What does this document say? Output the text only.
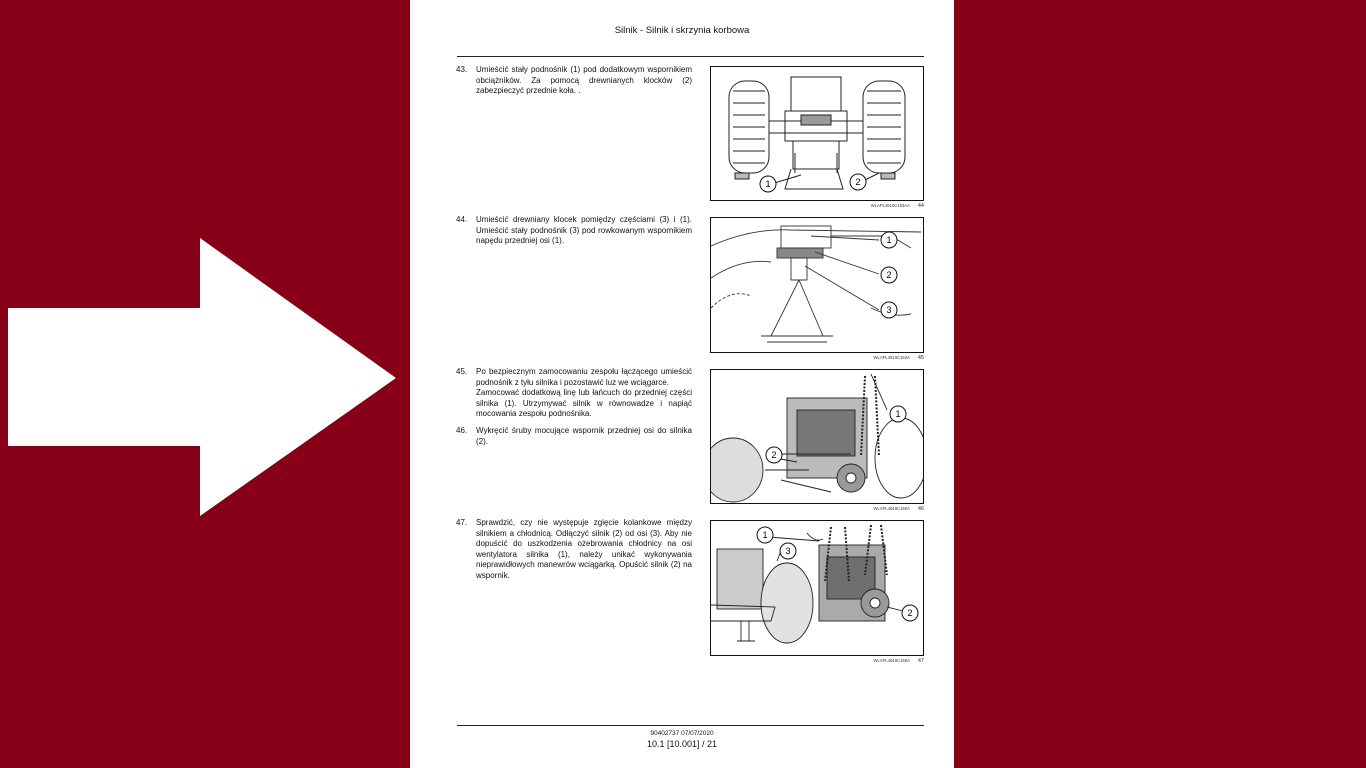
Silnik - Silnik i skrzynia korbowa
43.	Umieścić stały podnośnik (1) pod dodatkowym wspornikiem obciążników. Za pomocą drewnianych klocków (2) zabezpieczyć przednie koła. .

44.	Umieścić drewniany klocek pomiędzy częściami (3) i (1). Umieścić stały podnośnik (3) pod rowkowanym wspornikiem napędu przedniej osi (1).

45.	Po bezpiecznym zamocowaniu zespołu łączącego umieścić podnośnik z tyłu silnika i pozostawić luz we wciągarce.

Zamocować dodatkową linę lub łańcuch do przedniej części silnika (1). Utrzymywać silnik w równowadze i napiąć mocowania zespołu podnośnika.

46.	Wykręcić śruby mocujące wspornik przedniej osi do silnika (2).

47.	Sprawdzić, czy nie występuje zgięcie kolankowe między silnikiem a chłodnicą. Odłączyć silnik (2) od osi (3). Aby nie dopuścić do uszkodzenia ożebrowania chłodnicy na osi wentylatora silnika (1), należy unikać wykonywania nieprawidłowych manewrów wciągarką. Opuścić silnik (2) na wspornik.

1	2
WLAPL4910C153AA 44
1
2
3
WLAPL4910C153A 45
1
2
WLAPL4910C150A 46
1
3
2
WLAPL4910C155A 47
90402737 07/07/2020
10.1 [10.001] / 21
